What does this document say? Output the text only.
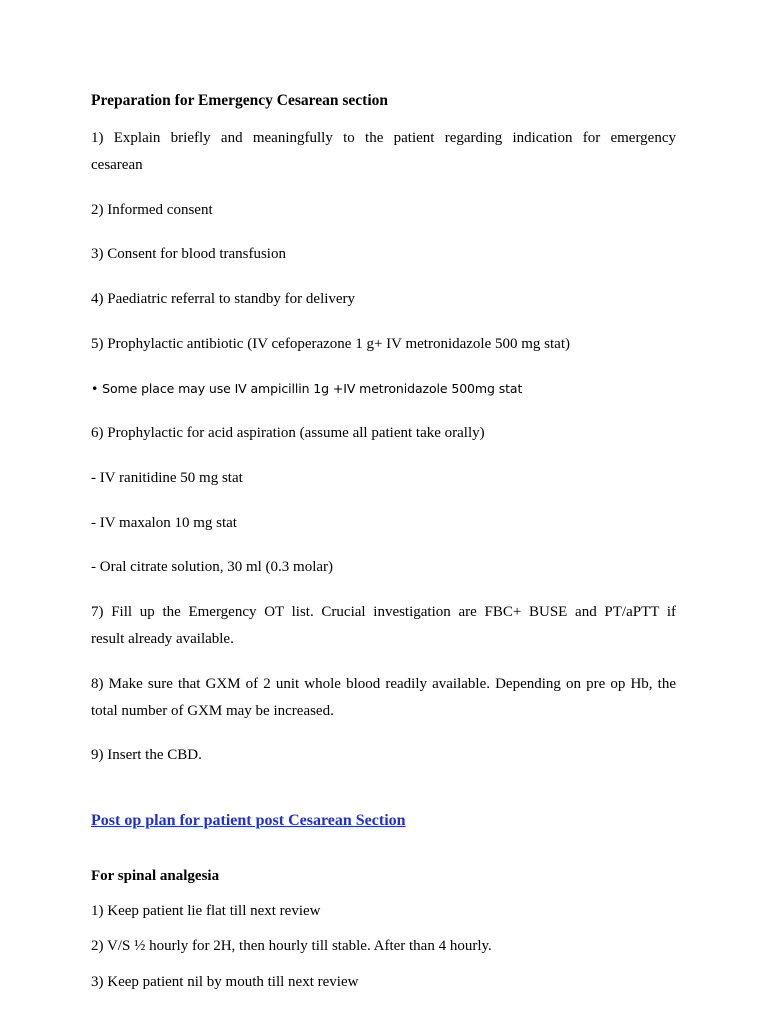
Preparation for Emergency Cesarean section
1) Explain briefly and meaningfully to the patient regarding indication for emergency
cesarean
2) Informed consent
3) Consent for blood transfusion
4) Paediatric referral to standby for delivery
5) Prophylactic antibiotic (IV cefoperazone 1 g+ IV metronidazole 500 mg stat)
• Some place may use IV ampicillin 1g +IV metronidazole 500mg stat
6) Prophylactic for acid aspiration (assume all patient take orally)
- IV ranitidine 50 mg stat
- IV maxalon 10 mg stat
- Oral citrate solution, 30 ml (0.3 molar)
7) Fill up the Emergency OT list. Crucial investigation are FBC+ BUSE and PT/aPTT if
result already available.
8) Make sure that GXM of 2 unit whole blood readily available. Depending on pre op Hb, the
total number of GXM may be increased.
9) Insert the CBD.
Post op plan for patient post Cesarean Section
For spinal analgesia
1) Keep patient lie flat till next review
2) V/S ½ hourly for 2H, then hourly till stable. After than 4 hourly.
3) Keep patient nil by mouth till next review
